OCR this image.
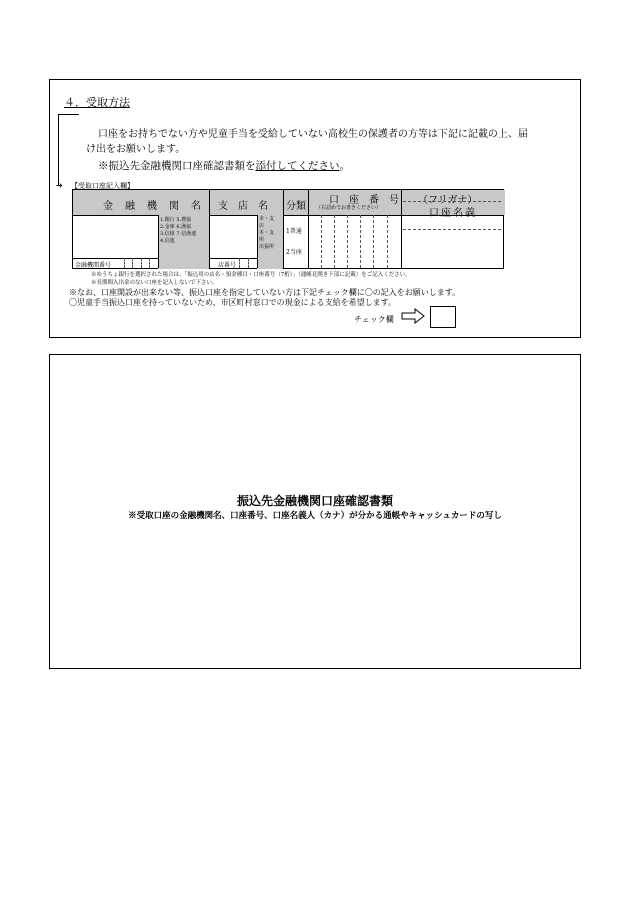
４．受取方法
➔
口座をお持ちでない方や児童手当を受給していない高校生の保護者の方等は下記に記載の上、届
け出をお願いします。
※振込先金融機関口座確認書類を添付してください。
【受取口座記入欄】
金　融　機　関　名 支　店　名 分類
口　座　番　号
（右詰めでお書きください）
（フリガナ）
口座名義
1.銀行 5.農協
2.金庫 6.漁協
3.信組 7.信漁連
4.信連
本・支
店
本・支
所
出張所
1普通
2当座
金融機関番号	店番号
※ゆうちょ銀行を選択された場合は、「振込用の店名・預金種目・口座番号（7桁）」（通帳見開き下部に記載）をご記入ください。
※長期間入出金のない口座を記入しないで下さい。
※なお、口座開設が出来ない等、振込口座を指定していない方は下記チェック欄に〇の記入をお願いします。
〇児童手当振込口座を持っていないため、市区町村窓口での現金による支給を希望します。
チェック欄
振込先金融機関口座確認書類
※受取口座の金融機関名、口座番号、口座名義人（カナ）が分かる通帳やキャッシュカードの写し
